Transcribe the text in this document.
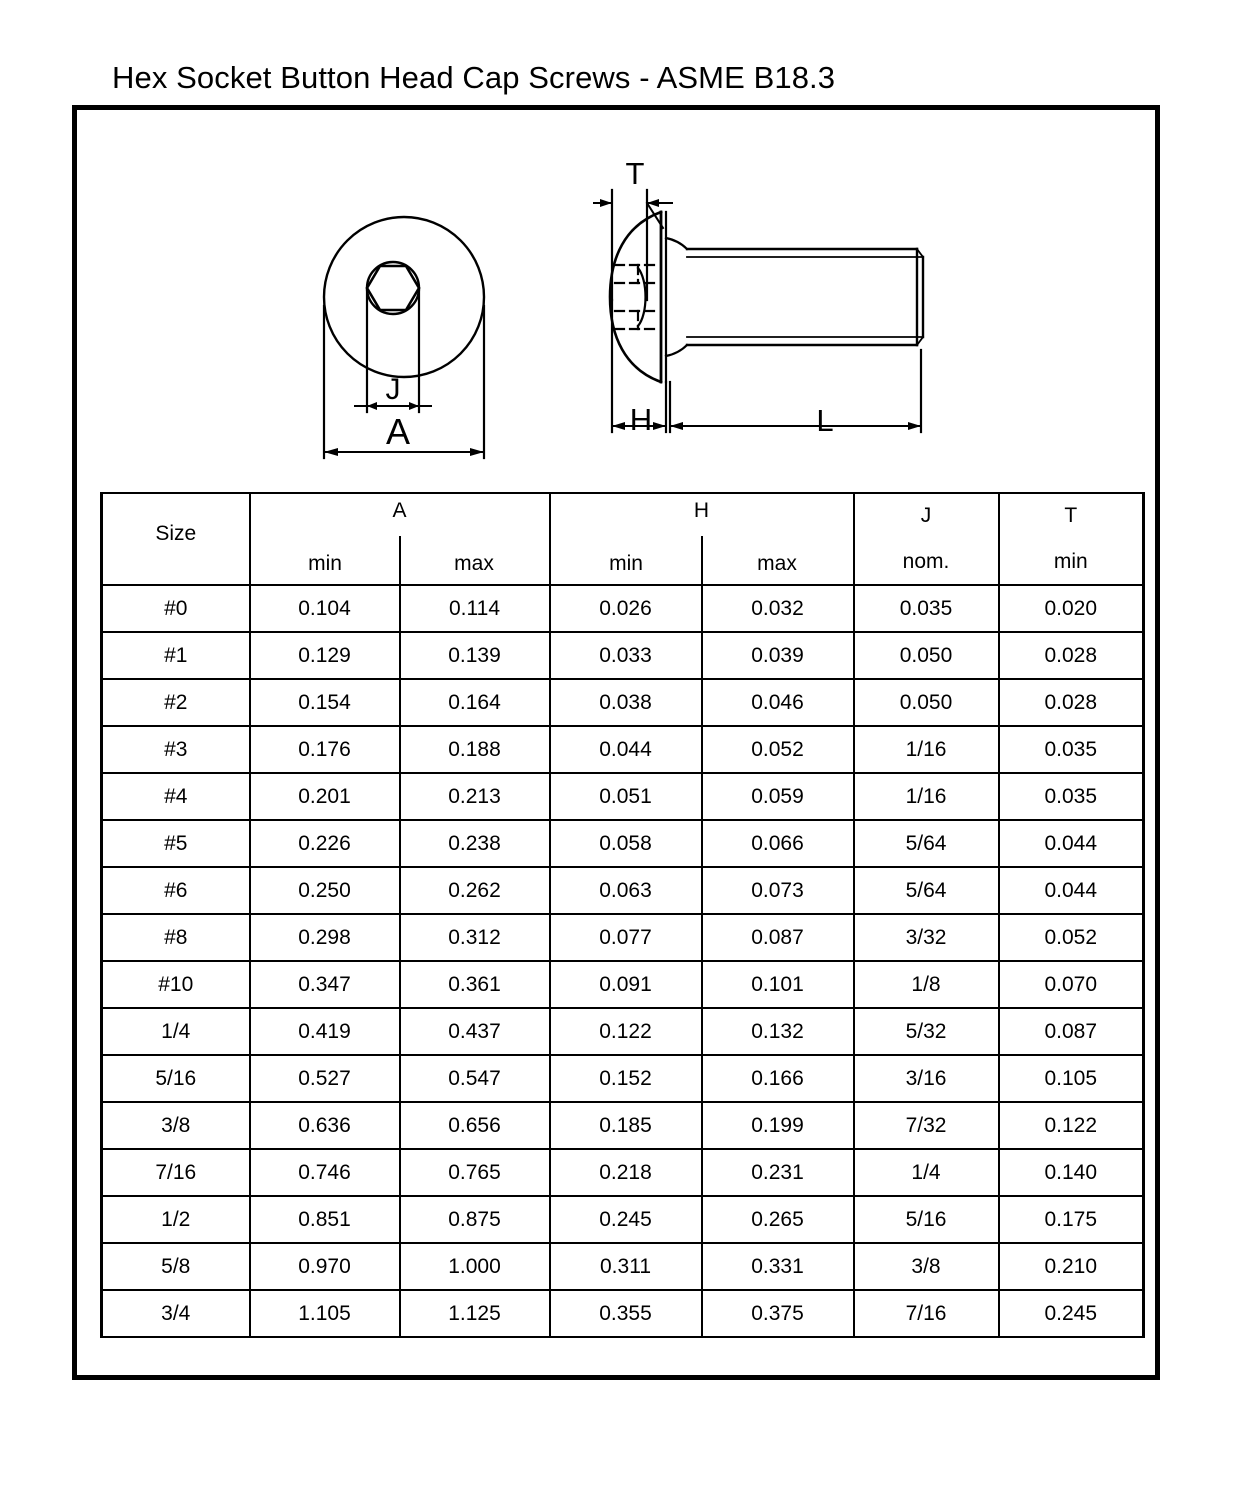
Hex Socket Button Head Cap Screws - ASME B18.3
J
A
T
H	L
Size

A
min	max

H
min	max

J
nom.

T
min

#0	0.104	0.114	0.026	0.032	0.035	0.020
#1	0.129	0.139	0.033	0.039	0.050	0.028
#2	0.154	0.164	0.038	0.046	0.050	0.028
#3	0.176	0.188	0.044	0.052	1/16	0.035
#4	0.201	0.213	0.051	0.059	1/16	0.035
#5	0.226	0.238	0.058	0.066	5/64	0.044
#6	0.250	0.262	0.063	0.073	5/64	0.044
#8	0.298	0.312	0.077	0.087	3/32	0.052
#10	0.347	0.361	0.091	0.101	1/8	0.070
1/4	0.419	0.437	0.122	0.132	5/32	0.087
5/16	0.527	0.547	0.152	0.166	3/16	0.105
3/8	0.636	0.656	0.185	0.199	7/32	0.122
7/16	0.746	0.765	0.218	0.231	1/4	0.140
1/2	0.851	0.875	0.245	0.265	5/16	0.175
5/8	0.970	1.000	0.311	0.331	3/8	0.210
3/4	1.105	1.125	0.355	0.375	7/16	0.245
